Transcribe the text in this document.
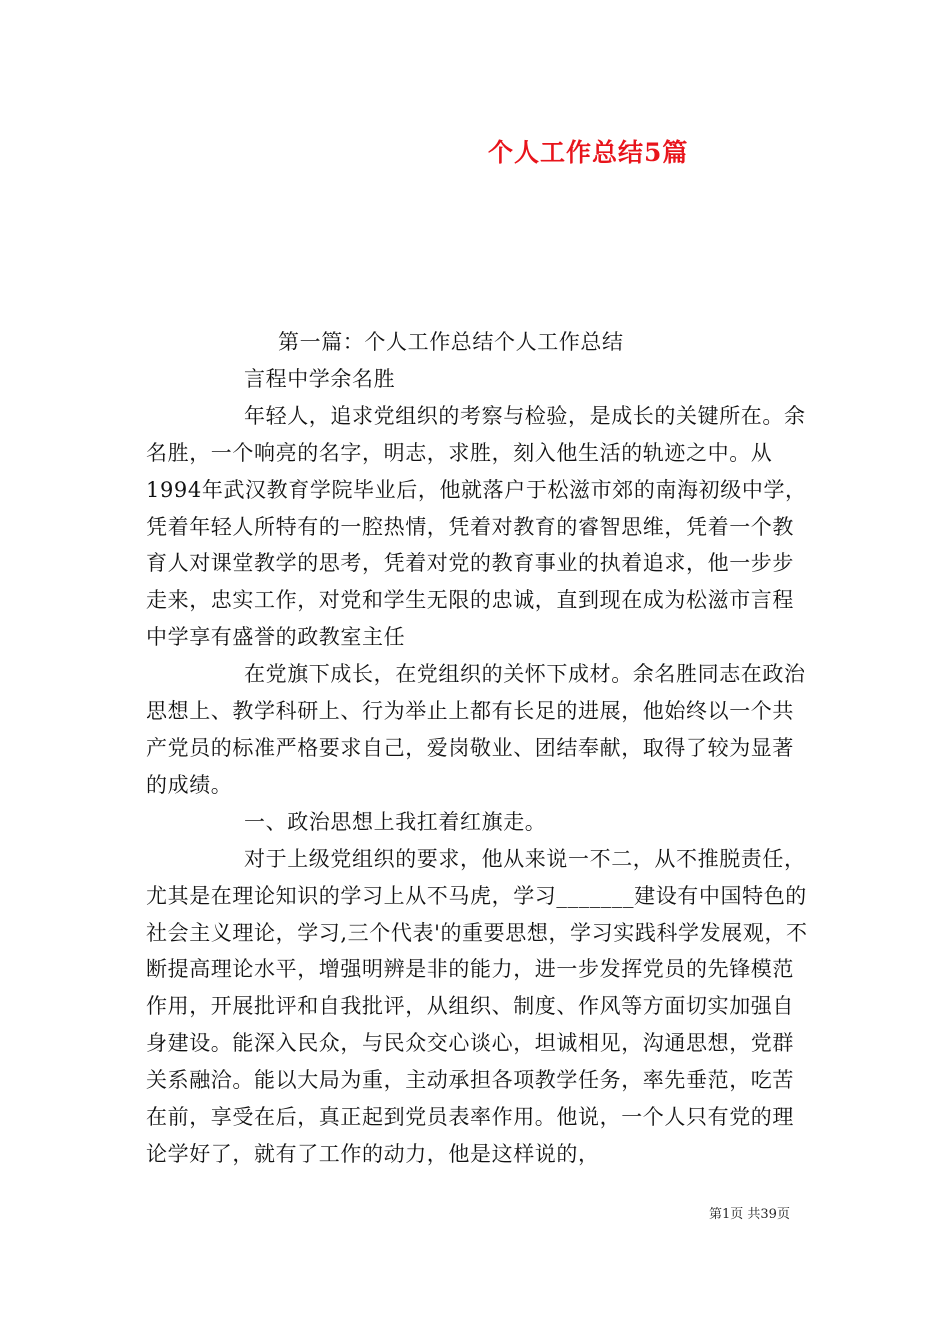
个人工作总结5篇

第一篇：个人工作总结个人工作总结

言程中学余名胜

年轻人，追求党组织的考察与检验，是成长的关键所在。余名胜，一个响亮的名字，明志，求胜，刻入他生活的轨迹之中。从1994年武汉教育学院毕业后，他就落户于松滋市郊的南海初级中学，凭着年轻人所特有的一腔热情，凭着对教育的睿智思维，凭着一个教育人对课堂教学的思考，凭着对党的教育事业的执着追求，他一步步走来，忠实工作，对党和学生无限的忠诚，直到现在成为松滋市言程中学享有盛誉的政教室主任

在党旗下成长，在党组织的关怀下成材。余名胜同志在政治思想上、教学科研上、行为举止上都有长足的进展，他始终以一个共产党员的标准严格要求自己，爱岗敬业、团结奉献，取得了较为显著的成绩。

一、政治思想上我扛着红旗走。

对于上级党组织的要求，他从来说一不二，从不推脱责任，尤其是在理论知识的学习上从不马虎，学习_______建设有中国特色的社会主义理论，学习,三个代表'的重要思想，学习实践科学发展观，不断提高理论水平，增强明辨是非的能力，进一步发挥党员的先锋模范作用，开展批评和自我批评，从组织、制度、作风等方面切实加强自身建设。能深入民众，与民众交心谈心，坦诚相见，沟通思想，党群关系融洽。能以大局为重，主动承担各项教学任务，率先垂范，吃苦在前，享受在后，真正起到党员表率作用。他说，一个人只有党的理论学好了，就有了工作的动力，他是这样说的，

第1页 共39页
